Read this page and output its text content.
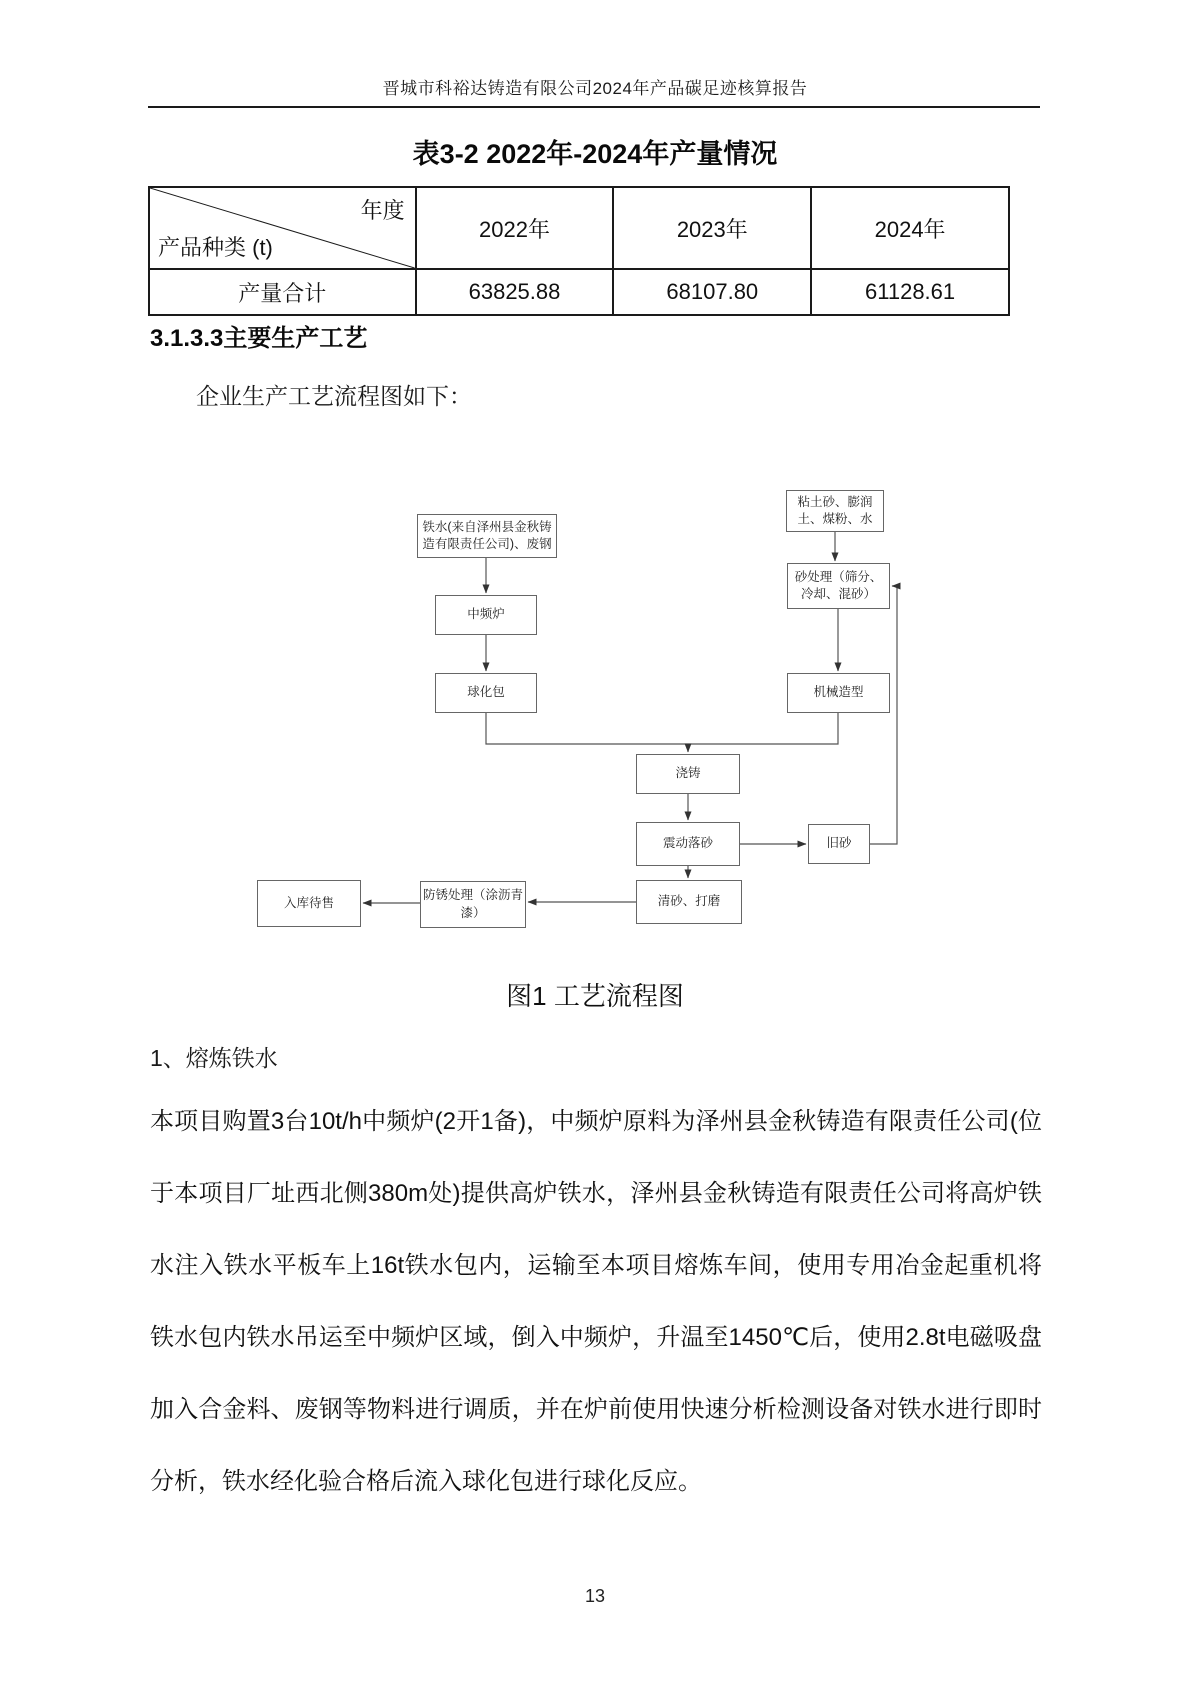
晋城市科裕达铸造有限公司2024年产品碳足迹核算报告
表3-2 2022年-2024年产量情况
年度
产品种类 (t)	2022年	2023年	2024年
产量合计	63825.88	68107.80	61128.61
3.1.3.3主要生产工艺
企业生产工艺流程图如下：
铁水(来自泽州县金秋铸造有限责任公司)、废钢
粘土砂、膨润土、煤粉、水
砂处理（筛分、冷却、混砂）
中频炉
球化包	机械造型
浇铸
震动落砂	旧砂
清砂、打磨
防锈处理（涂沥青漆）
入库待售
图1 工艺流程图
1、熔炼铁水
本项目购置3台10t/h中频炉(2开1备)，中频炉原料为泽州县金秋铸造有限责任公司(位于本项目厂址西北侧380m处)提供高炉铁水，泽州县金秋铸造有限责任公司将高炉铁水注入铁水平板车上16t铁水包内，运输至本项目熔炼车间，使用专用冶金起重机将铁水包内铁水吊运至中频炉区域，倒入中频炉，升温至1450℃后，使用2.8t电磁吸盘加入合金料、废钢等物料进行调质，并在炉前使用快速分析检测设备对铁水进行即时分析，铁水经化验合格后流入球化包进行球化反应。
13
